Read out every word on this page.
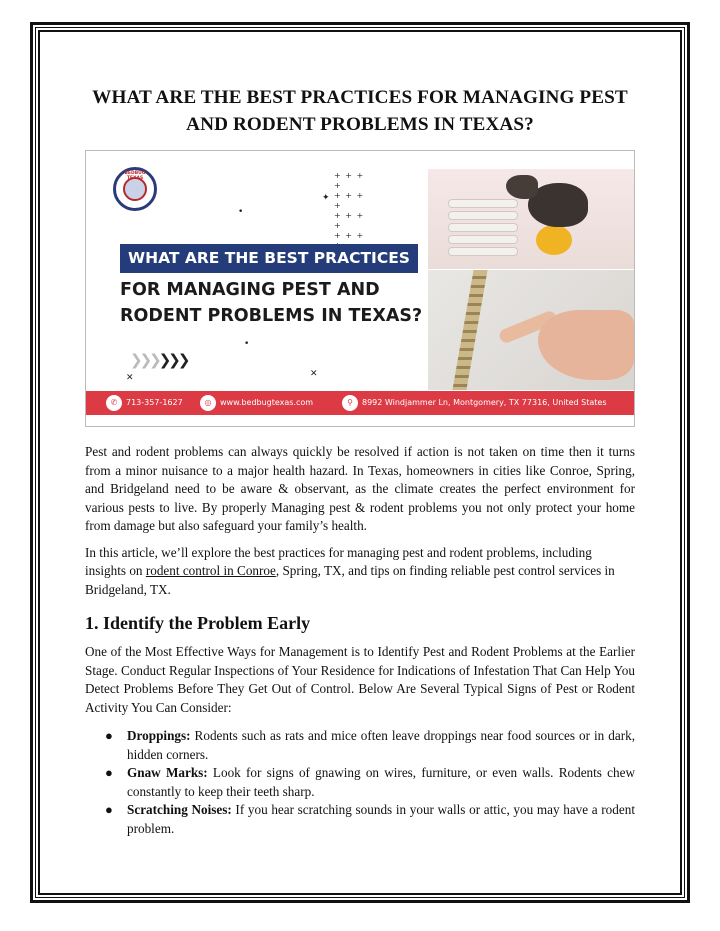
WHAT ARE THE BEST PRACTICES FOR MANAGING PEST AND RODENT PROBLEMS IN TEXAS?
BEDBUG	+ + + +
+ + + +
+ + + +
+ + +
•
✦
•
✕	✕
WHAT ARE THE BEST PRACTICES
FOR MANAGING PEST AND
RODENT PROBLEMS IN TEXAS?
❯❯❯❯❯❯
✆	713-357-1627	◎	www.bedbugtexas.com	⚲	8992 Windjammer Ln, Montgomery, TX 77316, United States

Pest and rodent problems can always quickly be resolved if action is not taken on time then it turns from a minor nuisance to a major health hazard. In Texas, homeowners in cities like Conroe, Spring, and Bridgeland need to be aware & observant, as the climate creates the perfect environment for various pests to live. By properly Managing pest & rodent problems you not only protect your home from damage but also safeguard your family’s health.

In this article, we’ll explore the best practices for managing pest and rodent problems, including insights on rodent control in Conroe, Spring, TX, and tips on finding reliable pest control services in Bridgeland, TX.

1. Identify the Problem Early

One of the Most Effective Ways for Management is to Identify Pest and Rodent Problems at the Earlier Stage. Conduct Regular Inspections of Your Residence for Indications of Infestation That Can Help You Detect Problems Before They Get Out of Control. Below Are Several Typical Signs of Pest or Rodent Activity You Can Consider:

● Droppings: Rodents such as rats and mice often leave droppings near food sources or in dark, hidden corners.
● Gnaw Marks: Look for signs of gnawing on wires, furniture, or even walls. Rodents chew constantly to keep their teeth sharp.
● Scratching Noises: If you hear scratching sounds in your walls or attic, you may have a rodent problem.
